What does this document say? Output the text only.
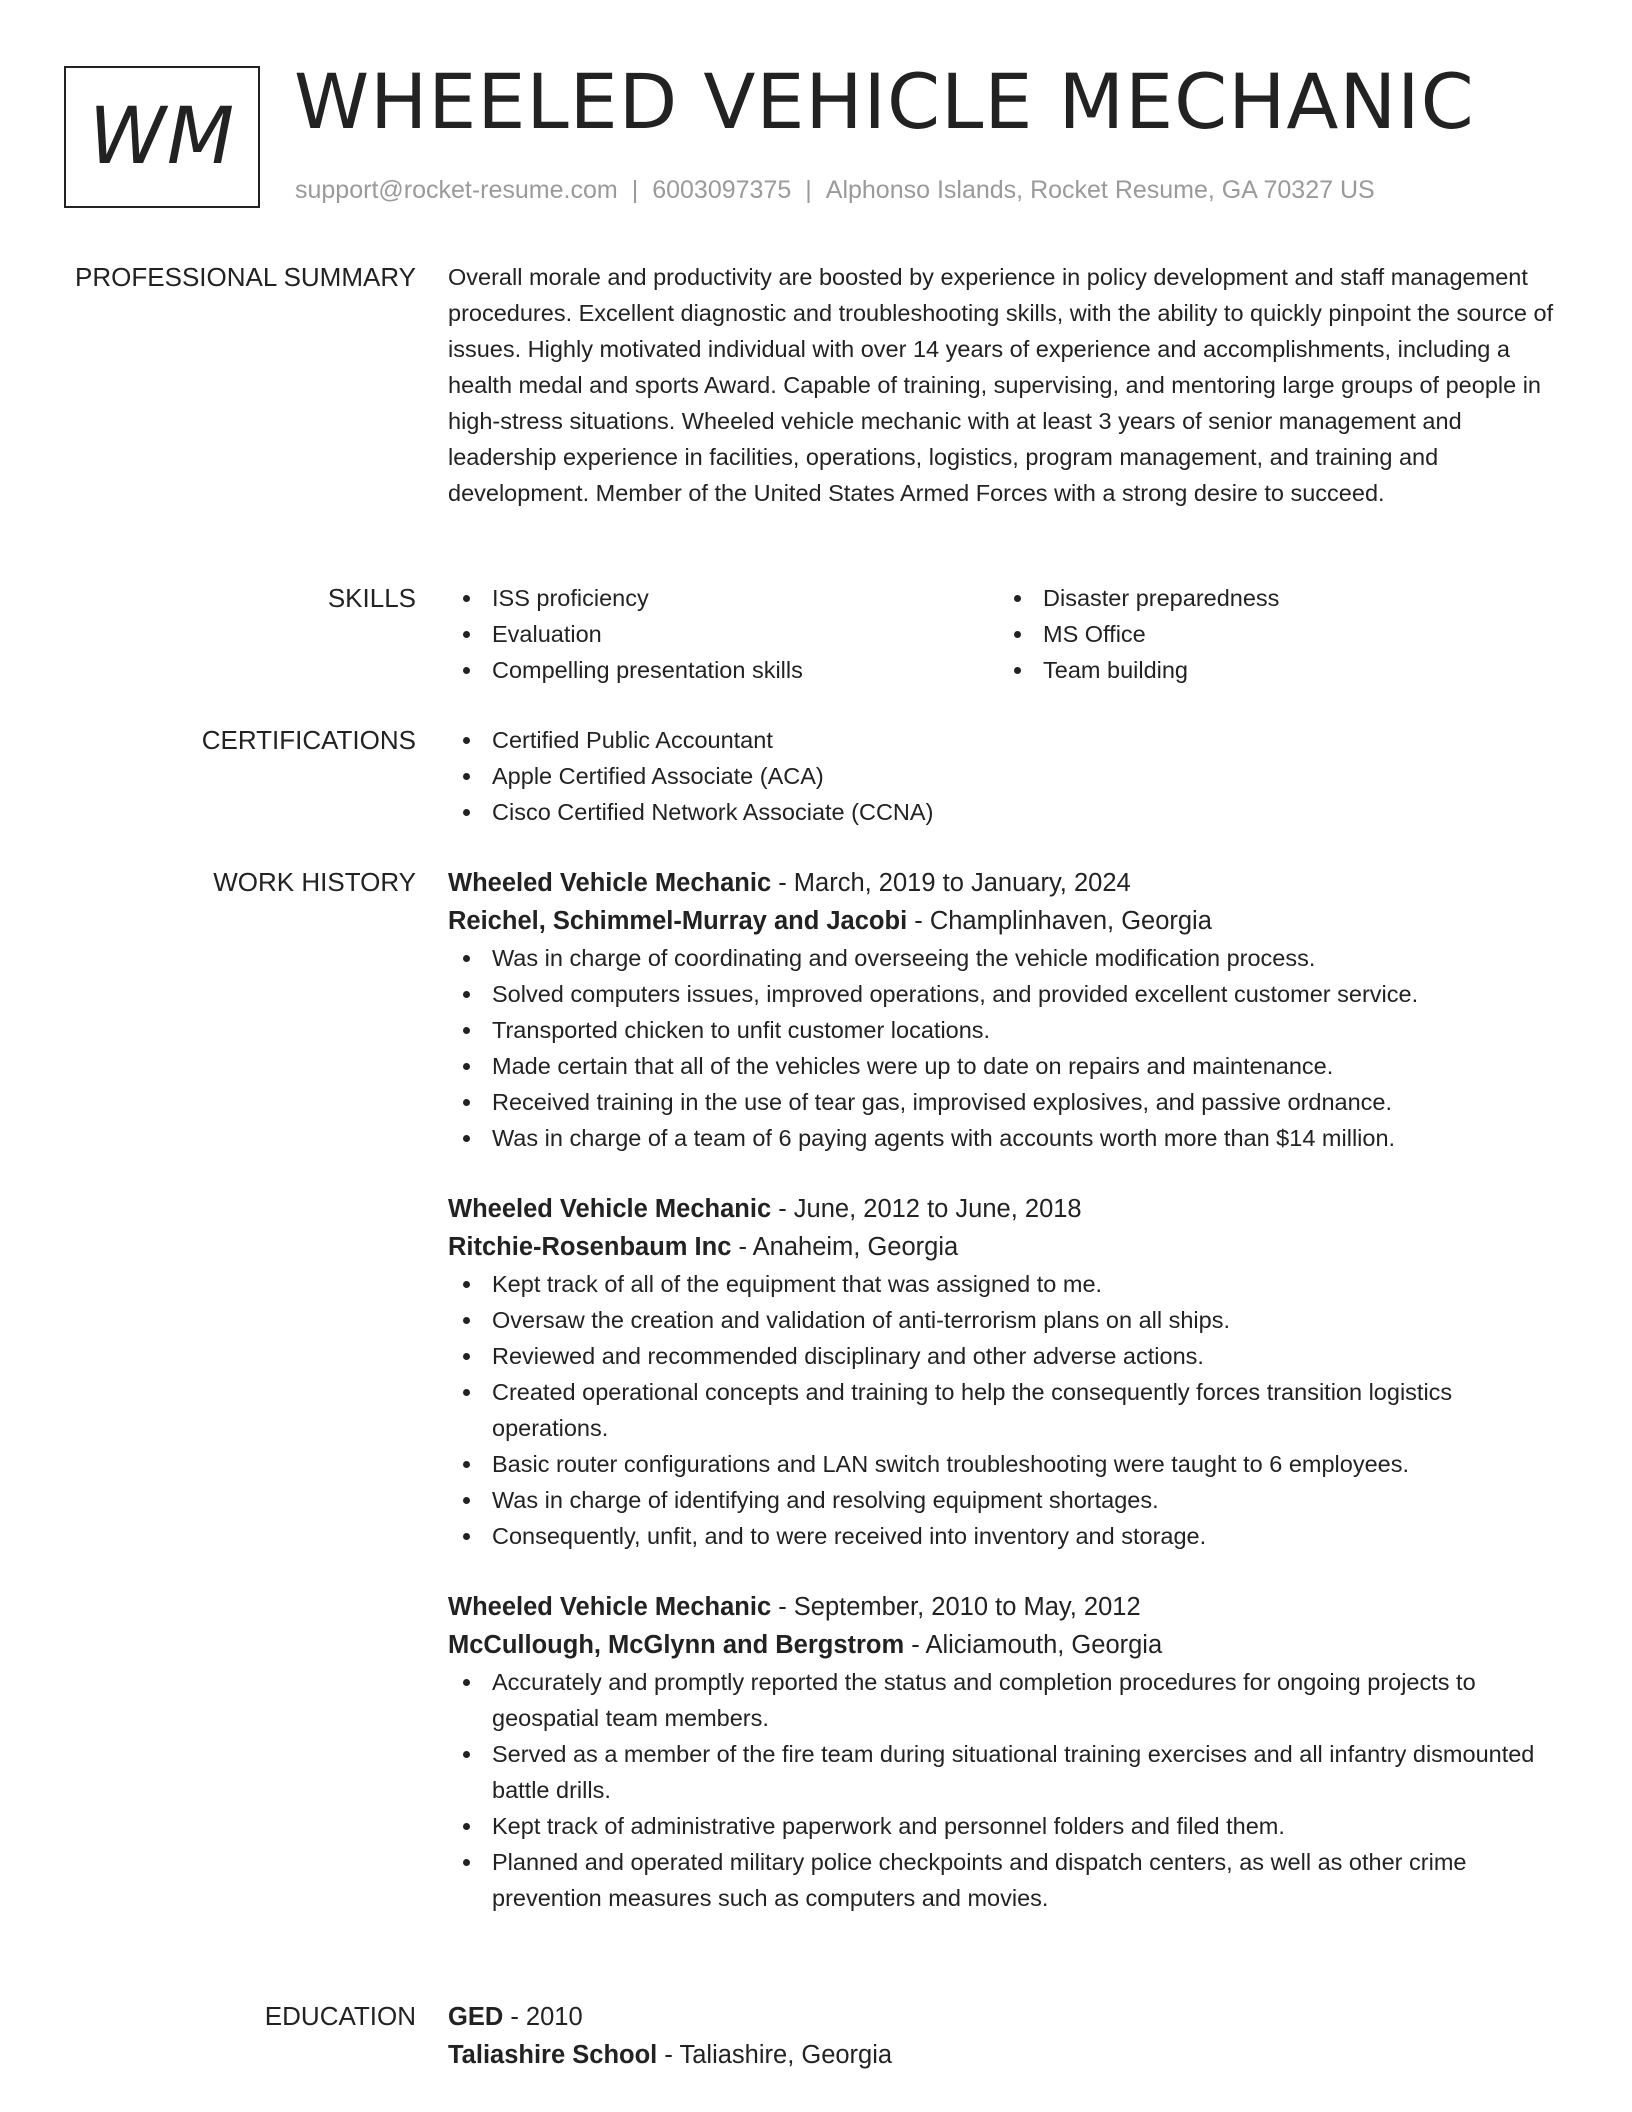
WM WHEELED VEHICLE MECHANIC
support@rocket-resume.com | 6003097375 | Alphonso Islands, Rocket Resume, GA 70327 US
PROFESSIONAL SUMMARY Overall morale and productivity are boosted by experience in policy development and staff management procedures. Excellent diagnostic and troubleshooting skills, with the ability to quickly pinpoint the source of issues. Highly motivated individual with over 14 years of experience and accomplishments, including a health medal and sports Award. Capable of training, supervising, and mentoring large groups of people in high-stress situations. Wheeled vehicle mechanic with at least 3 years of senior management and leadership experience in facilities, operations, logistics, program management, and training and development. Member of the United States Armed Forces with a strong desire to succeed.

SKILLS	ISS proficiency	Disaster preparedness
Evaluation	MS Office
Compelling presentation skills	Team building
CERTIFICATIONS	Certified Public Accountant
Apple Certified Associate (ACA)
Cisco Certified Network Associate (CCNA)
WORK HISTORY Wheeled Vehicle Mechanic - March, 2019 to January, 2024
Reichel, Schimmel-Murray and Jacobi - Champlinhaven, Georgia
Was in charge of coordinating and overseeing the vehicle modification process.
Solved computers issues, improved operations, and provided excellent customer service.
Transported chicken to unfit customer locations.
Made certain that all of the vehicles were up to date on repairs and maintenance.
Received training in the use of tear gas, improvised explosives, and passive ordnance.
Was in charge of a team of 6 paying agents with accounts worth more than $14 million.
Wheeled Vehicle Mechanic - June, 2012 to June, 2018
Ritchie-Rosenbaum Inc - Anaheim, Georgia
Kept track of all of the equipment that was assigned to me.
Oversaw the creation and validation of anti-terrorism plans on all ships.
Reviewed and recommended disciplinary and other adverse actions.
Created operational concepts and training to help the consequently forces transition logistics operations.
Basic router configurations and LAN switch troubleshooting were taught to 6 employees.
Was in charge of identifying and resolving equipment shortages.
Consequently, unfit, and to were received into inventory and storage.
Wheeled Vehicle Mechanic - September, 2010 to May, 2012
McCullough, McGlynn and Bergstrom - Aliciamouth, Georgia
Accurately and promptly reported the status and completion procedures for ongoing projects to geospatial team members.
Served as a member of the fire team during situational training exercises and all infantry dismounted battle drills.
Kept track of administrative paperwork and personnel folders and filed them.
Planned and operated military police checkpoints and dispatch centers, as well as other crime prevention measures such as computers and movies.
EDUCATION GED - 2010
Taliashire School - Taliashire, Georgia
